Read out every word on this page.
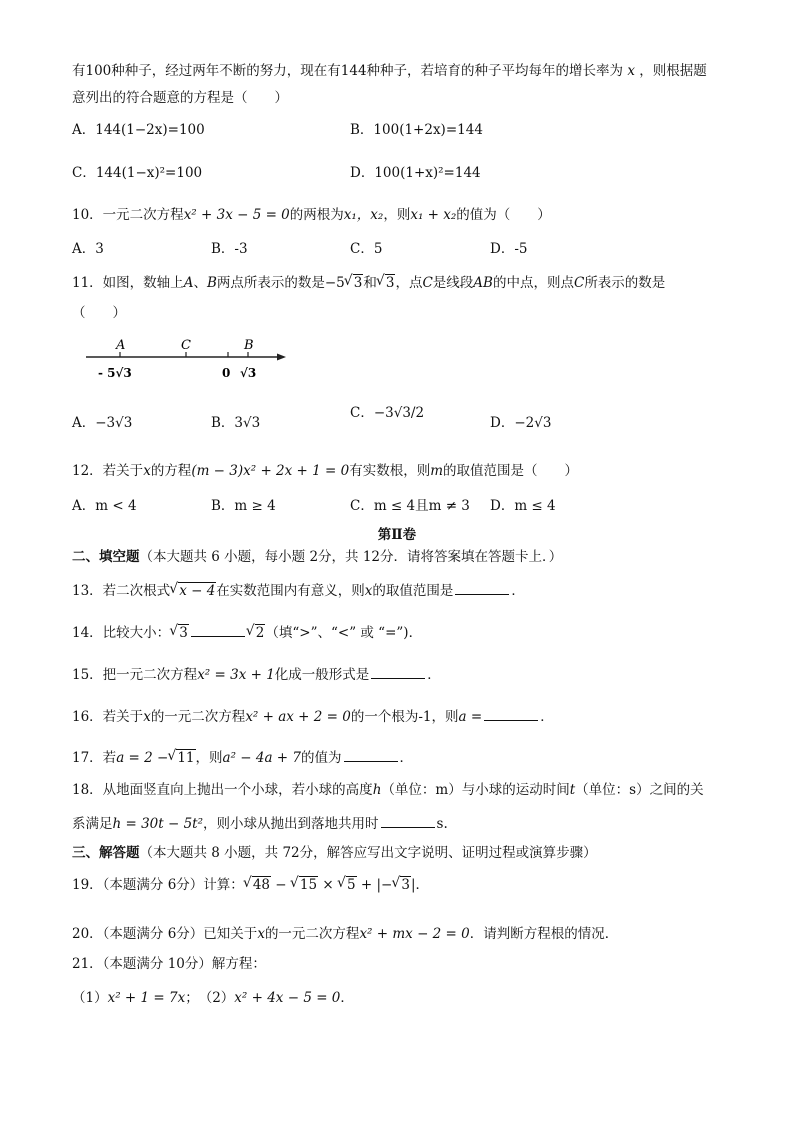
有100种种子，经过两年不断的努力，现在有144种种子，若培育的种子平均每年的增长率为 x ，则根据题
意列出的符合题意的方程是（　　）
A．144(1−2x)=100	B．100(1+2x)=144
C．144(1−x)²=100	D．100(1+x)²=144
10．一元二次方程x² + 3x − 5 = 0的两根为x₁，x₂，则x₁ + x₂的值为（　　）
A．3	B．-3	C．5	D．-5
11．如图，数轴上A、B两点所表示的数是−5 √ 3和 √ 3，点C是线段AB的中点，则点C所表示的数是
（　　）
A	C	B
- 5√3	0 √3
A．−3√3	B．3√3
C．−3√3/2
D．−2√3
12．若关于x的方程(m − 3)x² + 2x + 1 = 0有实数根，则m的取值范围是（　　）
A．m < 4	B．m ≥ 4	C．m ≤ 4且m ≠ 3 D．m ≤ 4
第Ⅱ卷
二、填空题（本大题共 6 小题，每小题 2分，共 12分．请将答案填在答题卡上．）
13．若二次根式 √ x − 4在实数范围内有意义，则x的取值范围是	．
14．比较大小： √ 3	√ 2（填“>”、“<” 或 “=”)．
15．把一元二次方程x² = 3x + 1化成一般形式是	．
16．若关于x的一元二次方程x² + ax + 2 = 0的一个根为-1，则a =	．
17．若a = 2 − √ 11，则a² − 4a + 7的值为	．
18．从地面竖直向上抛出一个小球，若小球的高度h（单位：m）与小球的运动时间t（单位：s）之间的关
系满足h = 30t − 5t²，则小球从抛出到落地共用时	s.
三、解答题（本大题共 8 小题，共 72分，解答应写出文字说明、证明过程或演算步骤）
19．（本题满分 6分）计算： √ 48 − √ 15 × √ 5 + |− √ 3|．
20．（本题满分 6分）已知关于x的一元二次方程x² + mx − 2 = 0．请判断方程根的情况．
21．（本题满分 10分）解方程：
（1）x² + 1 = 7x；　 （2）x² + 4x − 5 = 0．
